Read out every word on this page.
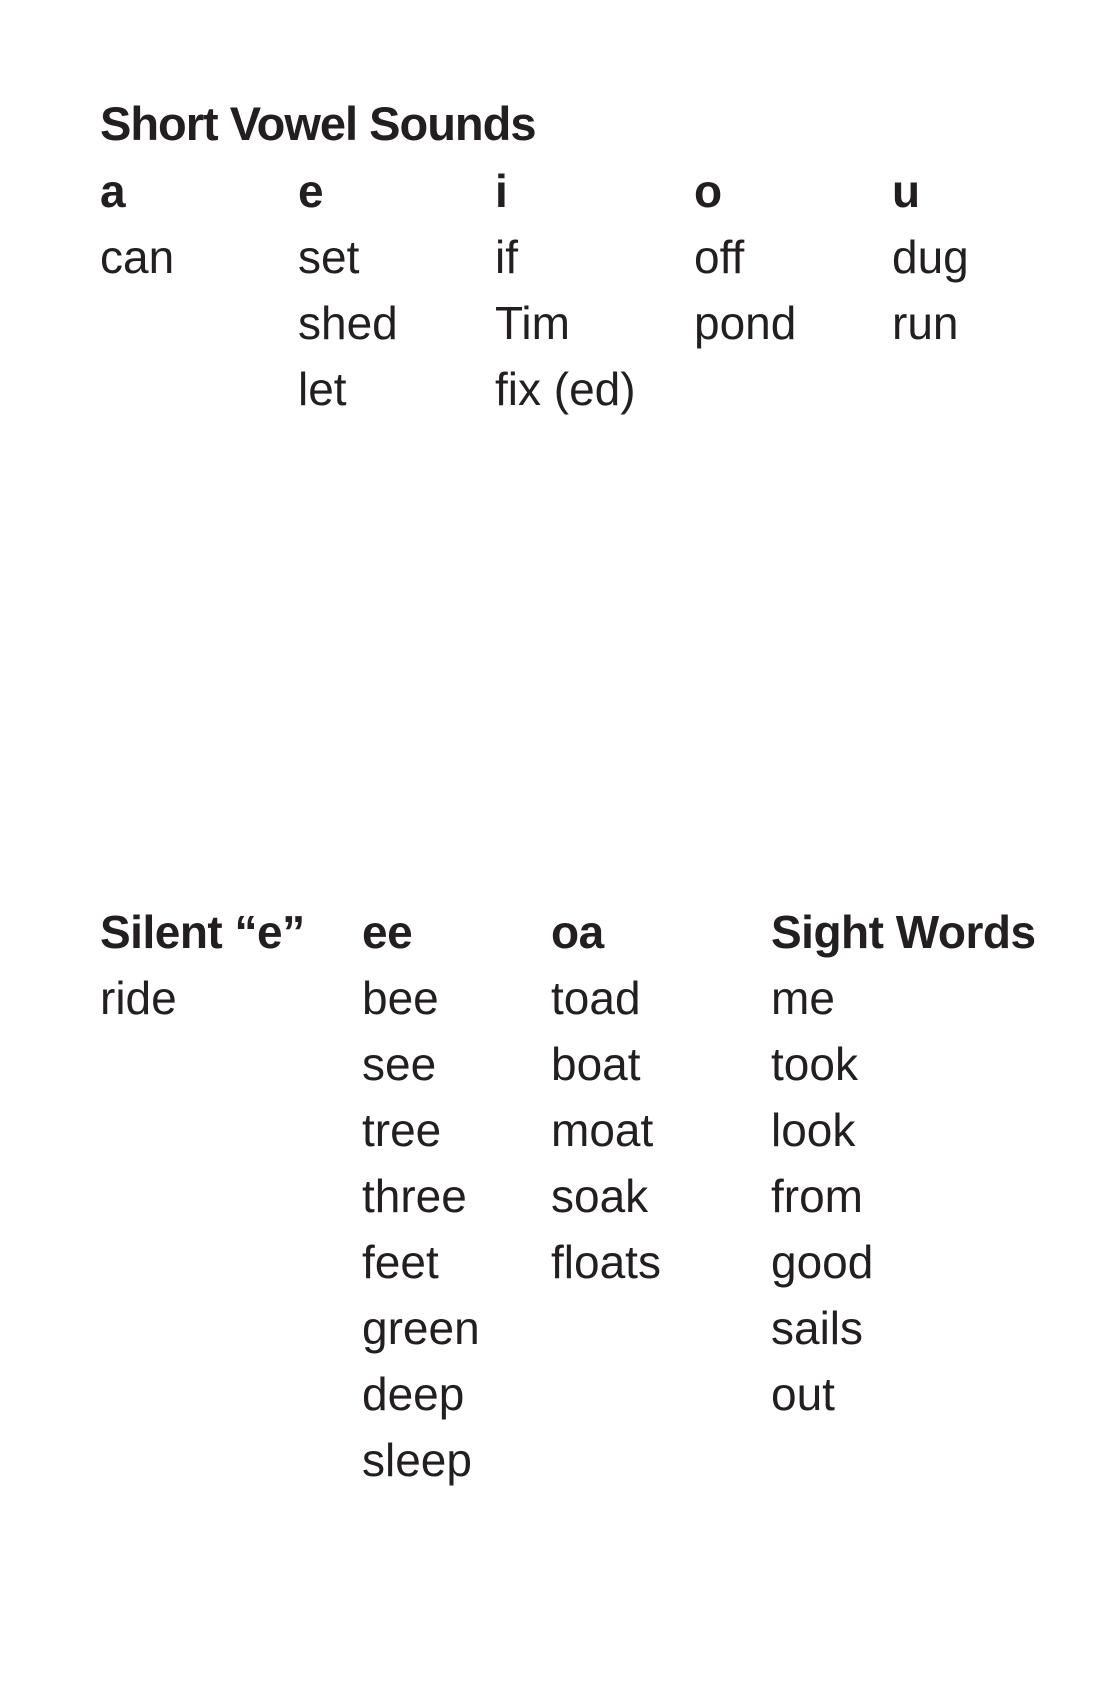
Short Vowel Sounds
a
can
e
set
shed
let
i
if
Tim
fix (ed)
o
off
pond
u
dug
run
Silent “e”
ride
ee
bee
see
tree
three
feet
green
deep
sleep
oa
toad
boat
moat
soak
floats
Sight Words
me
took
look
from
good
sails
out
